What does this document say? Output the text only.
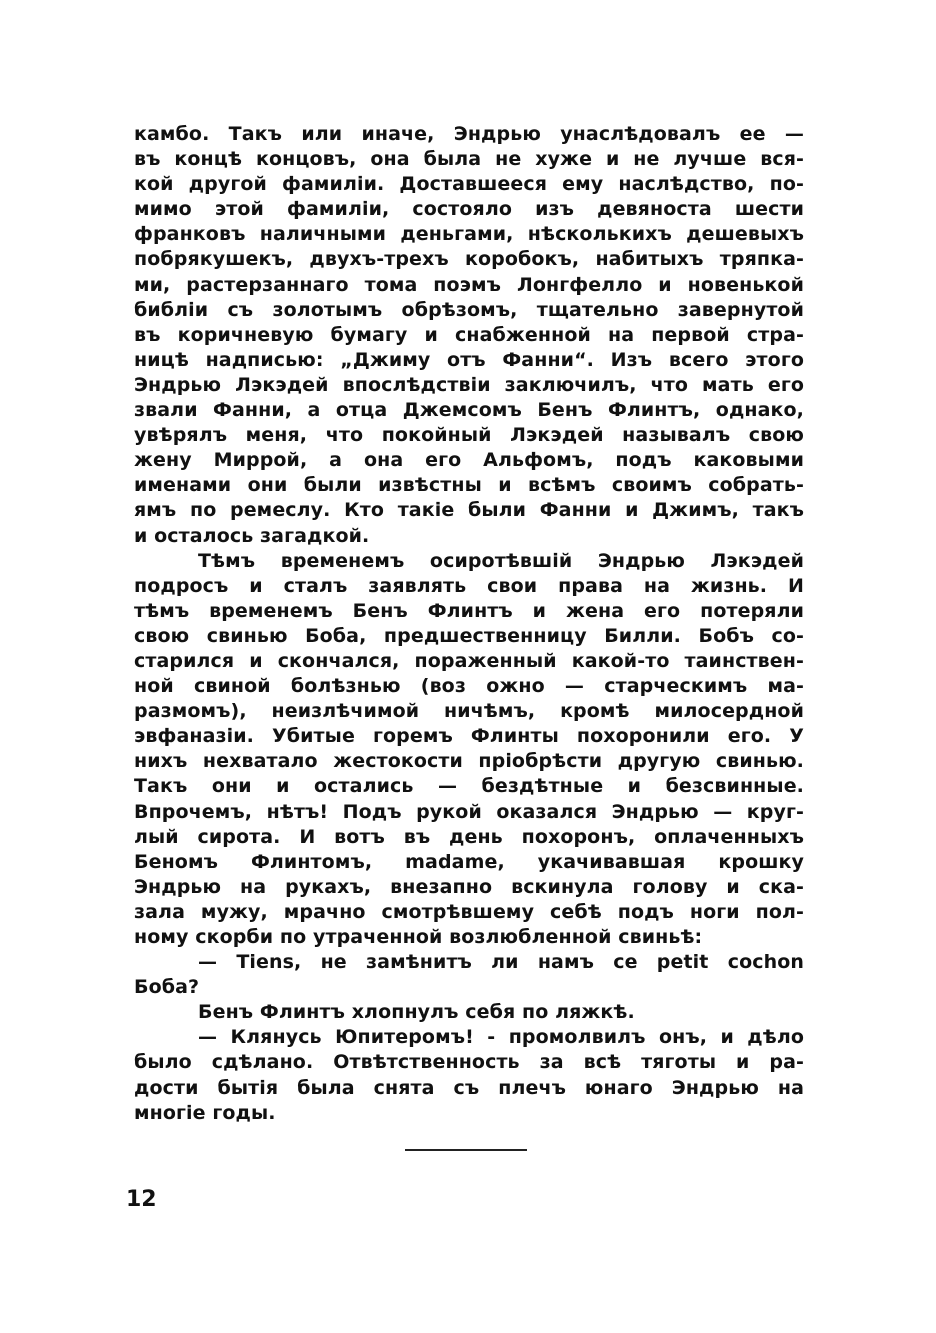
камбо. Такъ или иначе, Эндрью унаслѣдовалъ ее —
въ концѣ концовъ, она была не хуже и не лучше вся-
кой другой фамиліи. Доставшееся ему наслѣдство, по-
мимо этой фамиліи, состояло изъ девяноста шести
франковъ наличными деньгами, нѣсколькихъ дешевыхъ
побрякушекъ, двухъ-трехъ коробокъ, набитыхъ тряпка-
ми, растерзаннаго тома поэмъ Лонгфелло и новенькой
библіи съ золотымъ обрѣзомъ, тщательно завернутой
въ коричневую бумагу и снабженной на первой стра-
ницѣ надписью: „Джиму отъ Фанни“. Изъ всего этого
Эндрью Лэкэдей впослѣдствіи заключилъ, что мать его
звали Фанни, а отца Джемсомъ Бенъ Флинтъ, однако,
увѣрялъ меня, что покойный Лэкэдей называлъ свою
жену Миррой, а она его Альфомъ, подъ каковыми
именами они были извѣстны и всѣмъ своимъ собрать-
ямъ по ремеслу. Кто такіе были Фанни и Джимъ, такъ
и осталось загадкой.
Тѣмъ временемъ осиротѣвшій Эндрью Лэкэдей
подросъ и сталъ заявлять свои права на жизнь. И
тѣмъ временемъ Бенъ Флинтъ и жена его потеряли
свою свинью Боба, предшественницу Билли. Бобъ со-
старился и скончался, пораженный какой-то таинствен-
ной свиной болѣзнью (воз ожно — старческимъ ма-
размомъ), неизлѣчимой ничѣмъ, кромѣ милосердной
эвфаназіи. Убитые горемъ Флинты похоронили его. У
нихъ нехватало жестокости пріобрѣсти другую свинью.
Такъ они и остались — бездѣтные и безсвинные.
Впрочемъ, нѣтъ! Подъ рукой оказался Эндрью — круг-
лый сирота. И вотъ въ день похоронъ, оплаченныхъ
Беномъ Флинтомъ, madame, укачивавшая крошку
Эндрью на рукахъ, внезапно вскинула голову и ска-
зала мужу, мрачно смотрѣвшему себѣ подъ ноги пол-
ному скорби по утраченной возлюбленной свиньѣ:
— Tiens, не замѣнитъ ли намъ ce petit cochon
Боба?
Бенъ Флинтъ хлопнулъ себя по ляжкѣ.
— Клянусь Юпитеромъ! - промолвилъ онъ, и дѣло
было сдѣлано. Отвѣтственность за всѣ тяготы и ра-
дости бытія была снята съ плечъ юнаго Эндрью на
многіе годы.
12
